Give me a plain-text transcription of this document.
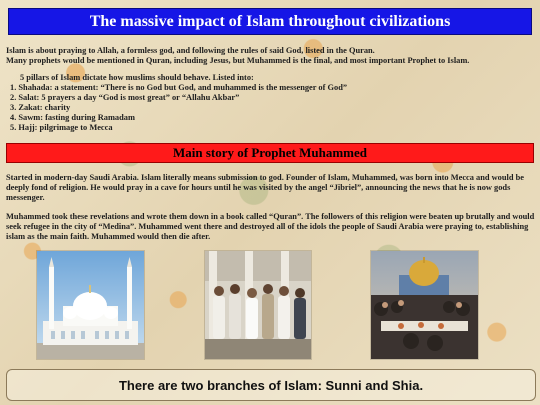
The massive impact of Islam throughout civilizations
Islam is about praying to Allah, a formless god, and following the rules of said God, listed in the Quran.
Many prophets would be mentioned in Quran, including Jesus, but Muhammed is the final, and most important Prophet to Islam.
5 pillars of Islam dictate how muslims should behave. Listed into:
1. Shahada: a statement: “There is no God but God, and muhammed is the messenger of God”
2. Salat: 5 prayers a day “God is most great” or “Allahu Akbar”
3. Zakat: charity
4. Sawm: fasting during Ramadam
5. Hajj: pilgrimage to Mecca
Main story of Prophet Muhammed
Started in modern-day Saudi Arabia. Islam literally means submission to god. Founder of Islam, Muhammed, was born into Mecca and would be deeply fond of religion. He would pray in a cave for hours until he was visited by the angel “Jibriel”, announcing the news that he is now gods messenger.
Muhammed took these revelations and wrote them down in a book called “Quran”. The followers of this religion were beaten up brutally and would seek refugee in the city of “Medina”. Muhammed went there and destroyed all of the idols the people of Saudi Arabia were praying to, establishing islam as the main faith. Muhammed would then die after.
There are two branches of Islam: Sunni and Shia.
